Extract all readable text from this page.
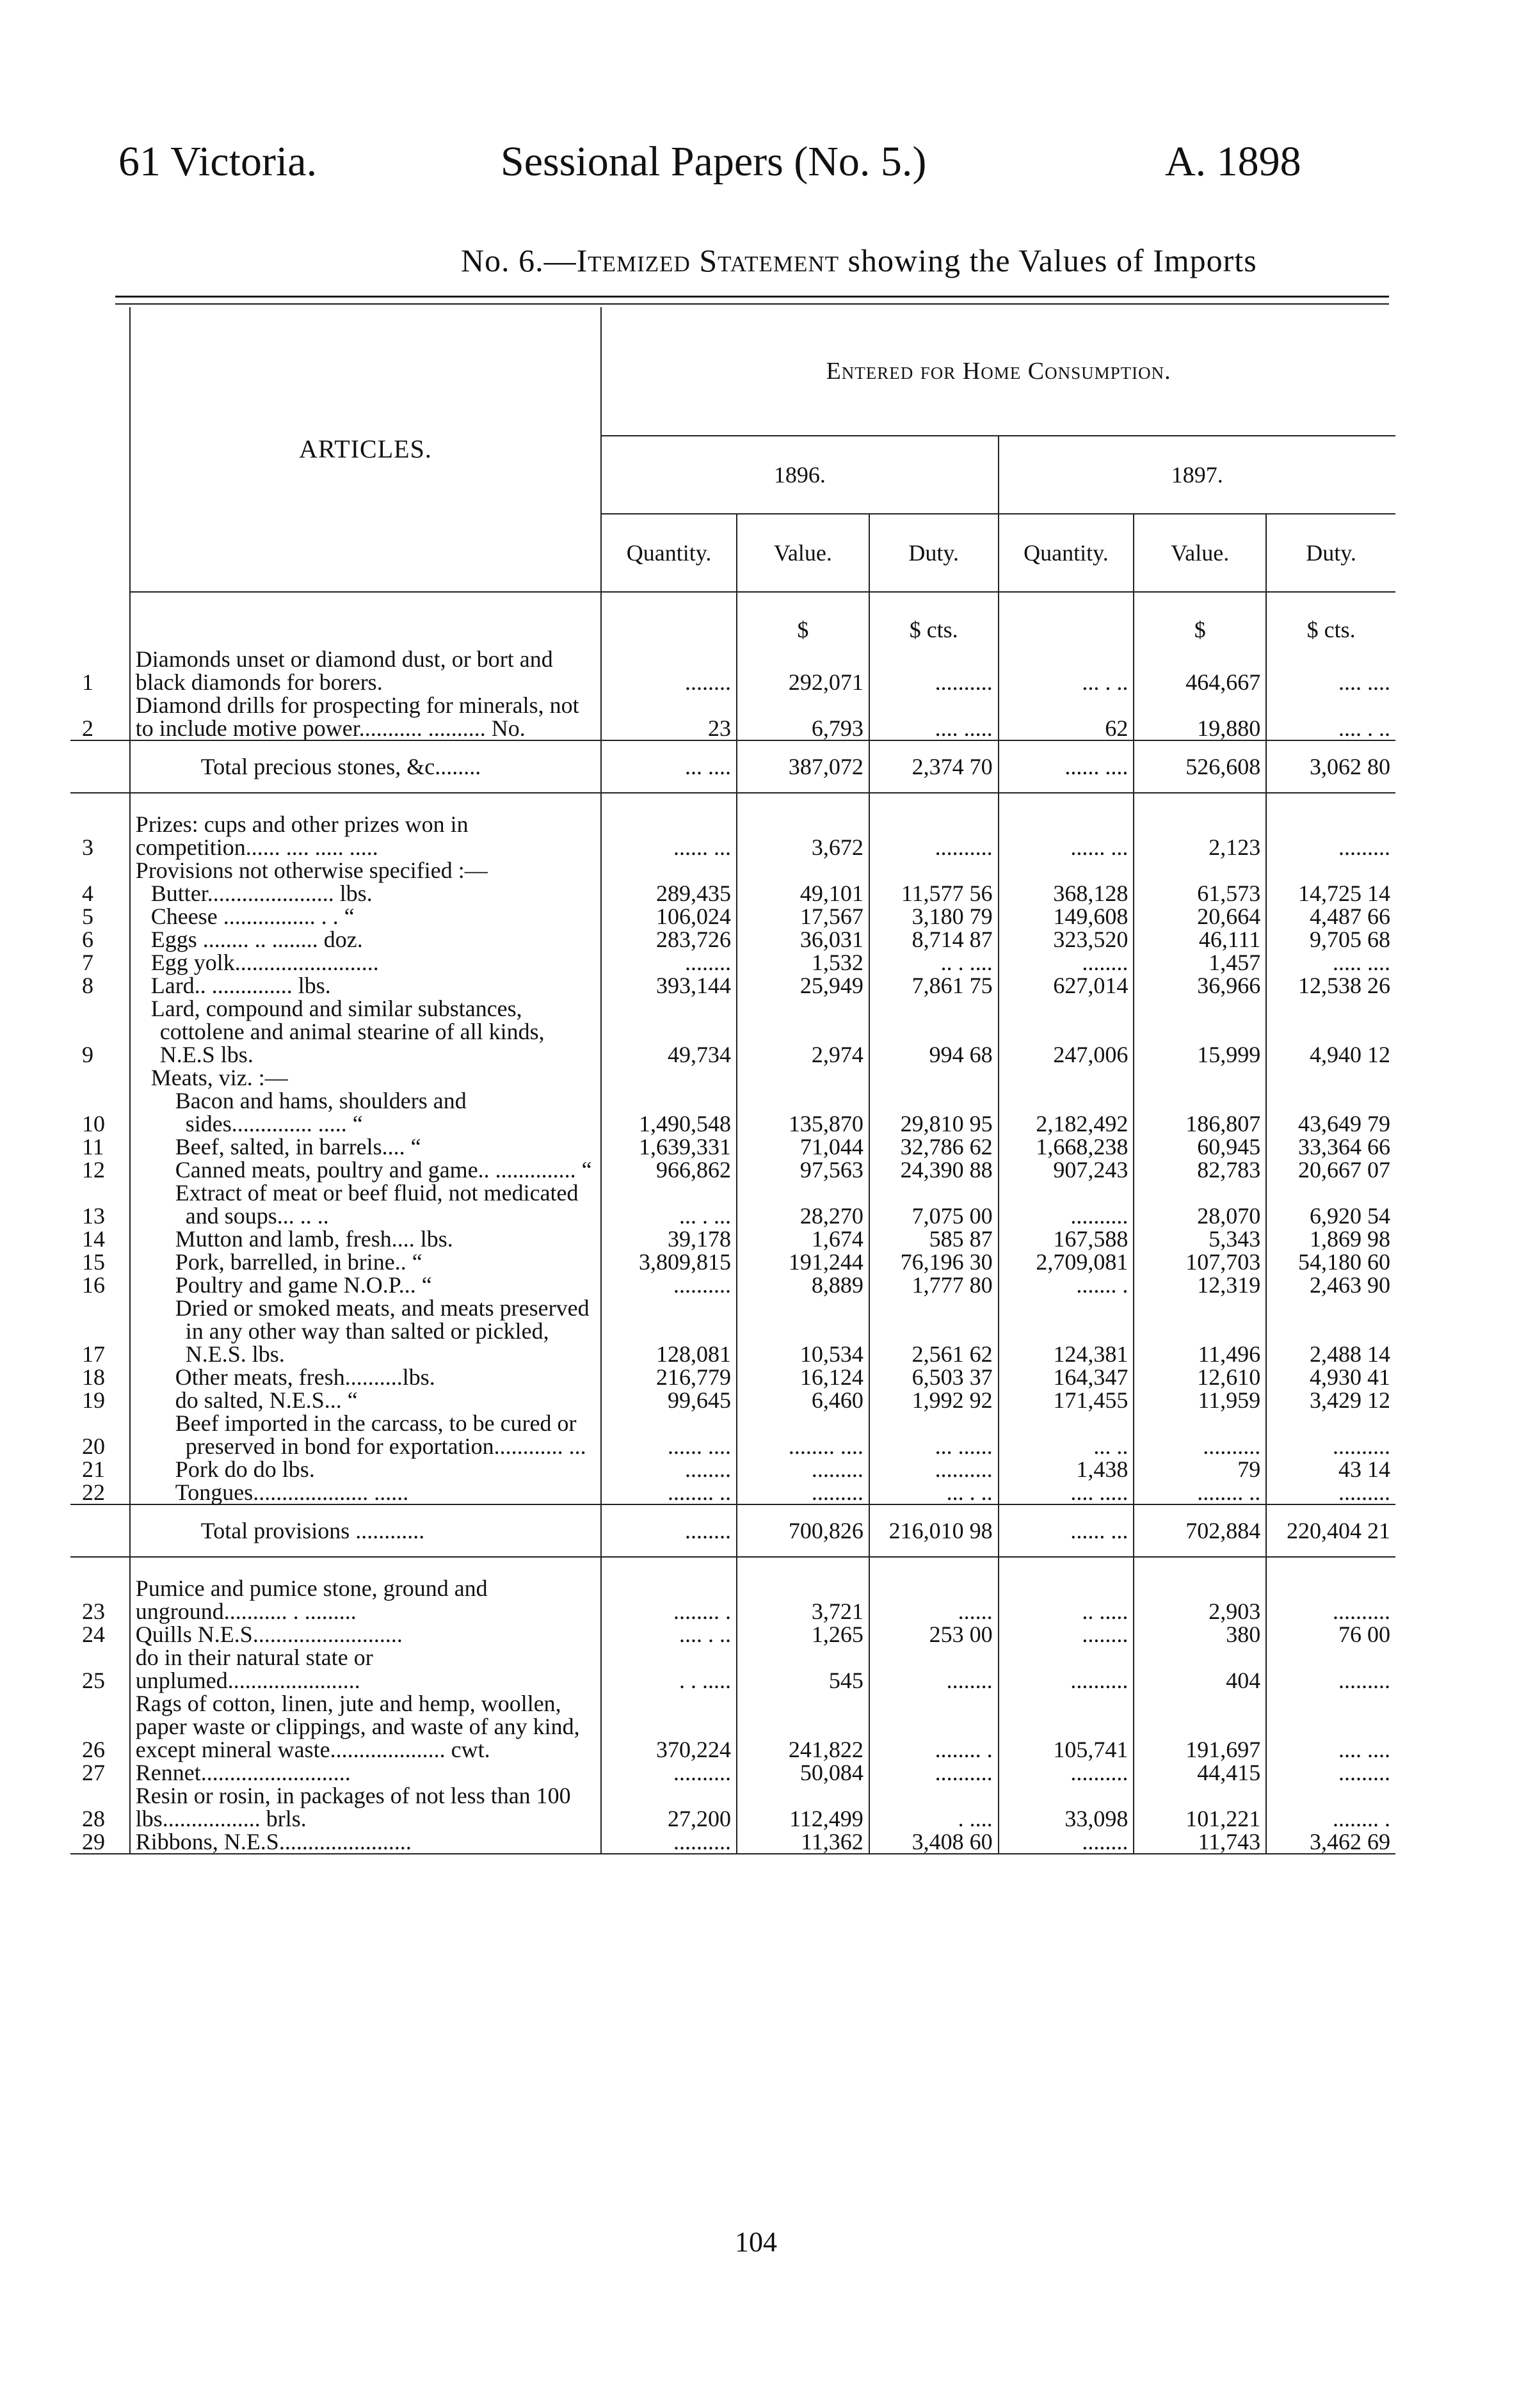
61 Victoria.	Sessional Papers (No. 5.)	A. 1898
No. 6.—Itemized Statement showing the Values of Imports
	ARTICLES.	Entered for Home Consumption.					
		1896.			1897.		
		Quantity.	Value.	Duty.	Quantity.	Value.	Duty.
			$	$ cts.		$	$ cts.
1	Diamonds unset or diamond dust, or bort and black diamonds for borers.	........	292,071	..........	... . ..	464,667	.... ....
2	Diamond drills for prospecting for minerals, not to include motive power........... .......... No.	23	6,793	.... .....	62	19,880	.... . ..
	Total precious stones, &c........	... ....	387,072	2,374 70	...... ....	526,608	3,062 80
3	Prizes: cups and other prizes won in competition...... .... ..... .....	...... ...	3,672	..........	...... ...	2,123	.........
	Provisions not otherwise specified :—						
4	Butter...................... lbs.	289,435	49,101	11,577 56	368,128	61,573	14,725 14
5	Cheese ................ . . “	106,024	17,567	3,180 79	149,608	20,664	4,487 66
6	Eggs ........ .. ........ doz.	283,726	36,031	8,714 87	323,520	46,111	9,705 68
7	Egg yolk.........................	........	1,532	.. . ....	........	1,457	..... ....
8	Lard.. .............. lbs.	393,144	25,949	7,861 75	627,014	36,966	12,538 26
9	Lard, compound and similar substances, cottolene and animal stearine of all kinds, N.E.S lbs.	49,734	2,974	994 68	247,006	15,999	4,940 12
	Meats, viz. :—						
10	Bacon and hams, shoulders and sides.............. ..... “	1,490,548	135,870	29,810 95	2,182,492	186,807	43,649 79
11	Beef, salted, in barrels.... “	1,639,331	71,044	32,786 62	1,668,238	60,945	33,364 66
12	Canned meats, poultry and game.. .............. “	966,862	97,563	24,390 88	907,243	82,783	20,667 07
13	Extract of meat or beef fluid, not medicated and soups... .. ..	... . ...	28,270	7,075 00	..........	28,070	6,920 54
14	Mutton and lamb, fresh.... lbs.	39,178	1,674	585 87	167,588	5,343	1,869 98
15	Pork, barrelled, in brine.. “	3,809,815	191,244	76,196 30	2,709,081	107,703	54,180 60
16	Poultry and game N.O.P... “	..........	8,889	1,777 80	....... .	12,319	2,463 90
17	Dried or smoked meats, and meats preserved in any other way than salted or pickled, N.E.S. lbs.	128,081	10,534	2,561 62	124,381	11,496	2,488 14
18	Other meats, fresh..........lbs.	216,779	16,124	6,503 37	164,347	12,610	4,930 41
19	do salted, N.E.S... “	99,645	6,460	1,992 92	171,455	11,959	3,429 12
20	Beef imported in the carcass, to be cured or preserved in bond for exportation............ ...	...... ....	........ ....	... ......	... ..	..........	..........
21	Pork do do lbs.	........	.........	..........	1,438	79	43 14
22	Tongues.................... ......	........ ..	.........	... . ..	.... .....	........ ..	.........
	Total provisions ............	........	700,826	216,010 98	...... ...	702,884	220,404 21
23	Pumice and pumice stone, ground and unground........... . .........	........ .	3,721	......	.. .....	2,903	..........
24	Quills N.E.S..........................	.... . ..	1,265	253 00	........	380	76 00
25	do in their natural state or unplumed.......................	. . .....	545	........	..........	404	.........
26	Rags of cotton, linen, jute and hemp, woollen, paper waste or clippings, and waste of any kind, except mineral waste.................... cwt.	370,224	241,822	........ .	105,741	191,697	.... ....
27	Rennet..........................	..........	50,084	..........	..........	44,415	.........
28	Resin or rosin, in packages of not less than 100 lbs................. brls.	27,200	112,499	. ....	33,098	101,221	........ .
29	Ribbons, N.E.S.......................	..........	11,362	3,408 60	........	11,743	3,462 69
104
